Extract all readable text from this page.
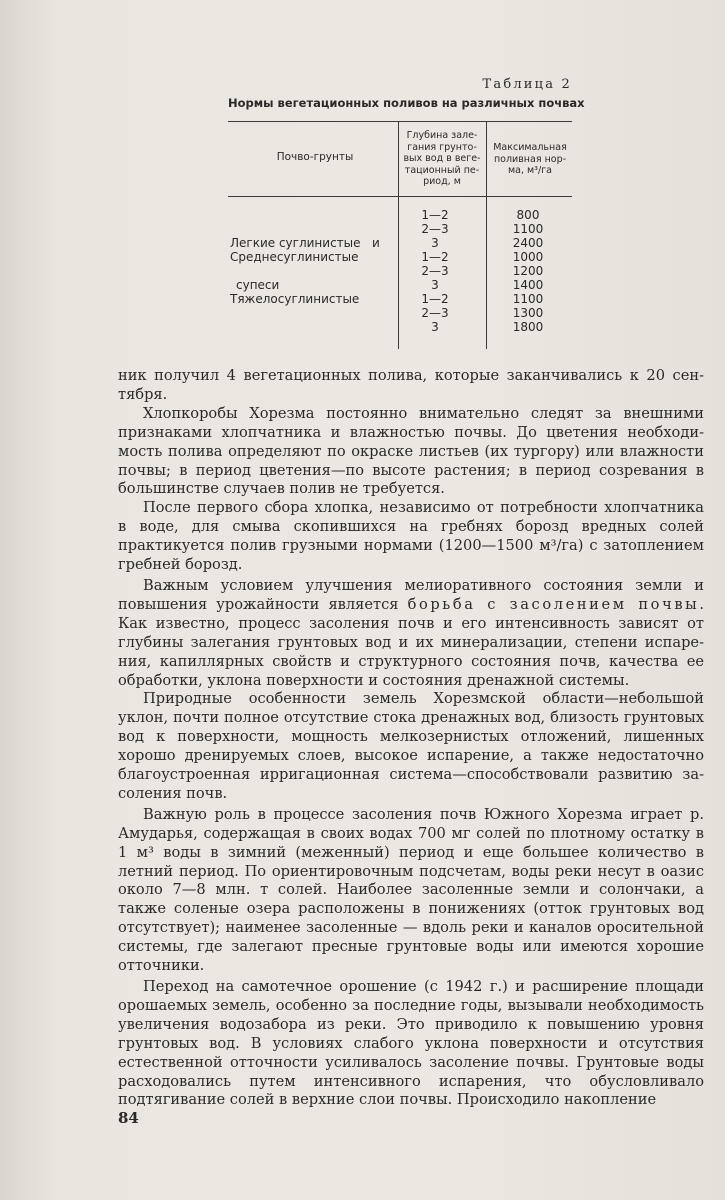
Таблица 2
Нормы вегетационных поливов на различных почвах
Почво-грунты
Глубина зале-
гания грунто-
вых вод в веге-
тационный пе-
риод, м
Максимальная
поливная нор-
ма, м³/га

Легкие суглинистые   и

супеси

Среднесуглинистые
Тяжелосуглинистые
1—2
2—3
3
1—2
2—3
3
1—2
2—3
3
800
1100
2400
1000
1200
1400
1100
1300
1800

ник получил 4 вегетационных полива, которые заканчивались к 20 сентября.

Хлопкоробы Хорезма постоянно внимательно следят за внешними признаками хлопчатника и влажностью почвы. До цветения необходимость полива определяют по окраске листьев (их тургору) или влажности почвы; в период цветения—по высоте растения; в период созревания в большинстве случаев полив не требуется.

После первого сбора хлопка, независимо от потребности хлопчатника в воде, для смыва скопившихся на гребнях борозд вредных солей практикуется полив грузными нормами (1200—1500 м³/га) с затоплением гребней борозд.

Важным условием улучшения мелиоративного состояния земли и повышения урожайности является борьба с засолением почвы. Как известно, процесс засоления почв и его интенсивность зависят от глубины залегания грунтовых вод и их минерализации, степени испарения, капиллярных свойств и структурного состояния почв, качества ее обработки, уклона поверхности и состояния дренажной системы.

Природные особенности земель Хорезмской области—небольшой уклон, почти полное отсутствие стока дренажных вод, близость грунтовых вод к поверхности, мощность мелкозернистых отложений, лишенных хорошо дренируемых слоев, высокое испарение, а также недостаточно благоустроенная ирригационная система—способствовали развитию засоления почв.

Важную роль в процессе засоления почв Южного Хорезма играет р. Амударья, содержащая в своих водах 700 мг солей по плотному остатку в 1 м³ воды в зимний (меженный) период и еще большее количество в летний период. По ориентировочным подсчетам, воды реки несут в оазис около 7—8 млн. т солей. Наиболее засоленные земли и солончаки, а также соленые озера расположены в понижениях (отток грунтовых вод отсутствует); наименее засоленные — вдоль реки и каналов оросительной системы, где залегают пресные грунтовые воды или имеются хорошие отточники.

Переход на самотечное орошение (с 1942 г.) и расширение площади орошаемых земель, особенно за последние годы, вызывали необходимость увеличения водозабора из реки. Это приводило к повышению уровня грунтовых вод. В условиях слабого уклона поверхности и отсутствия естественной отточности усиливалось засоление почвы. Грунтовые воды расходовались путем интенсивного испарения, что обусловливало подтягивание солей в верхние слои почвы. Происходило накопление

84
